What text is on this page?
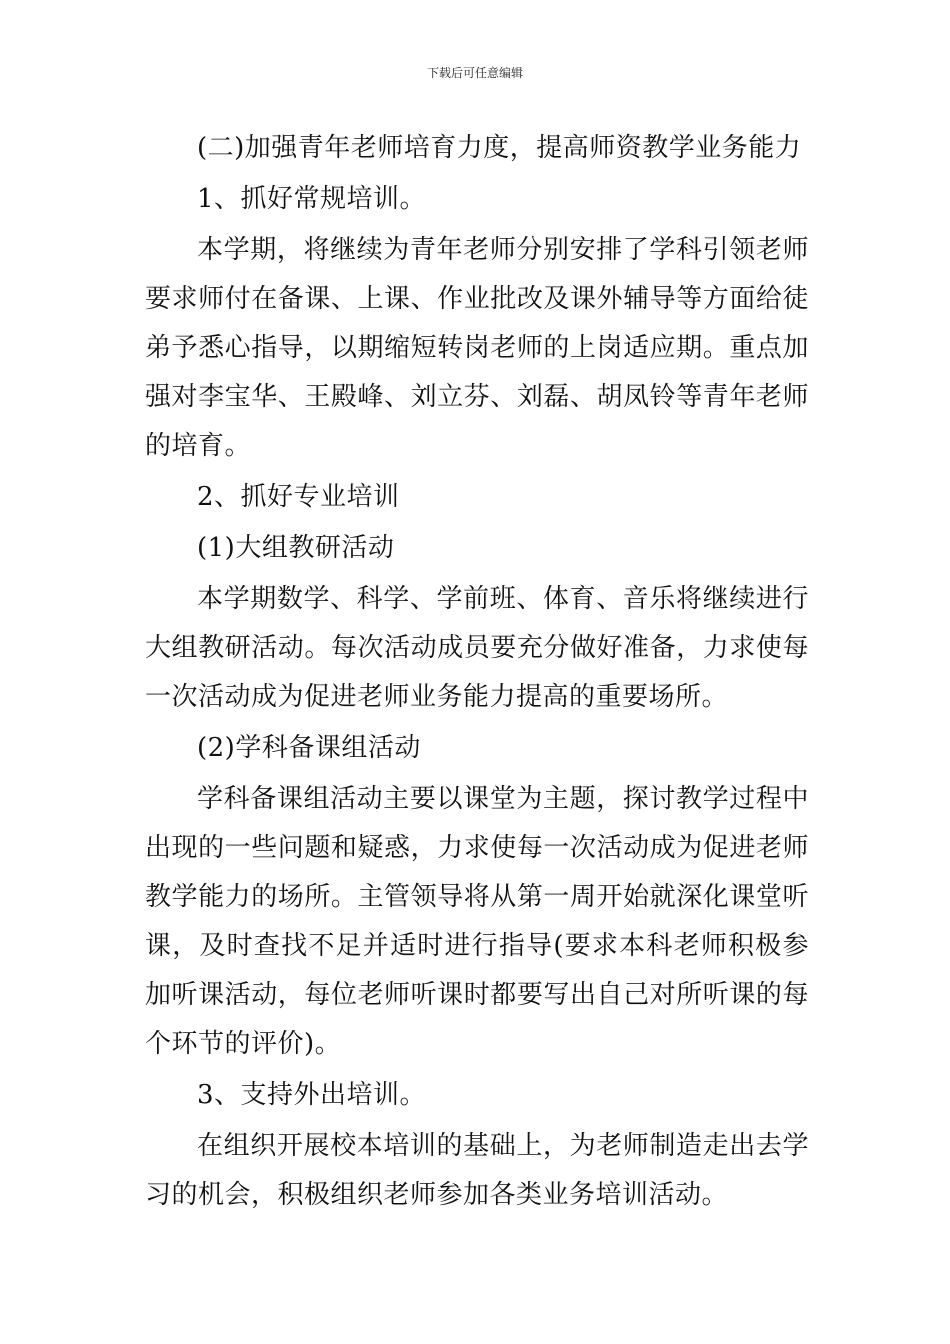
下载后可任意编辑

(二)加强青年老师培育力度，提高师资教学业务能力

1、抓好常规培训。

本学期，将继续为青年老师分别安排了学科引领老师要求师付在备课、上课、作业批改及课外辅导等方面给徒弟予悉心指导，以期缩短转岗老师的上岗适应期。重点加强对李宝华、王殿峰、刘立芬、刘磊、胡凤铃等青年老师的培育。

2、抓好专业培训

(1)大组教研活动

本学期数学、科学、学前班、体育、音乐将继续进行大组教研活动。每次活动成员要充分做好准备，力求使每一次活动成为促进老师业务能力提高的重要场所。

(2)学科备课组活动

学科备课组活动主要以课堂为主题，探讨教学过程中出现的一些问题和疑惑，力求使每一次活动成为促进老师教学能力的场所。主管领导将从第一周开始就深化课堂听课，及时查找不足并适时进行指导(要求本科老师积极参加听课活动，每位老师听课时都要写出自己对所听课的每个环节的评价)。

3、支持外出培训。

在组织开展校本培训的基础上，为老师制造走出去学习的机会，积极组织老师参加各类业务培训活动。
